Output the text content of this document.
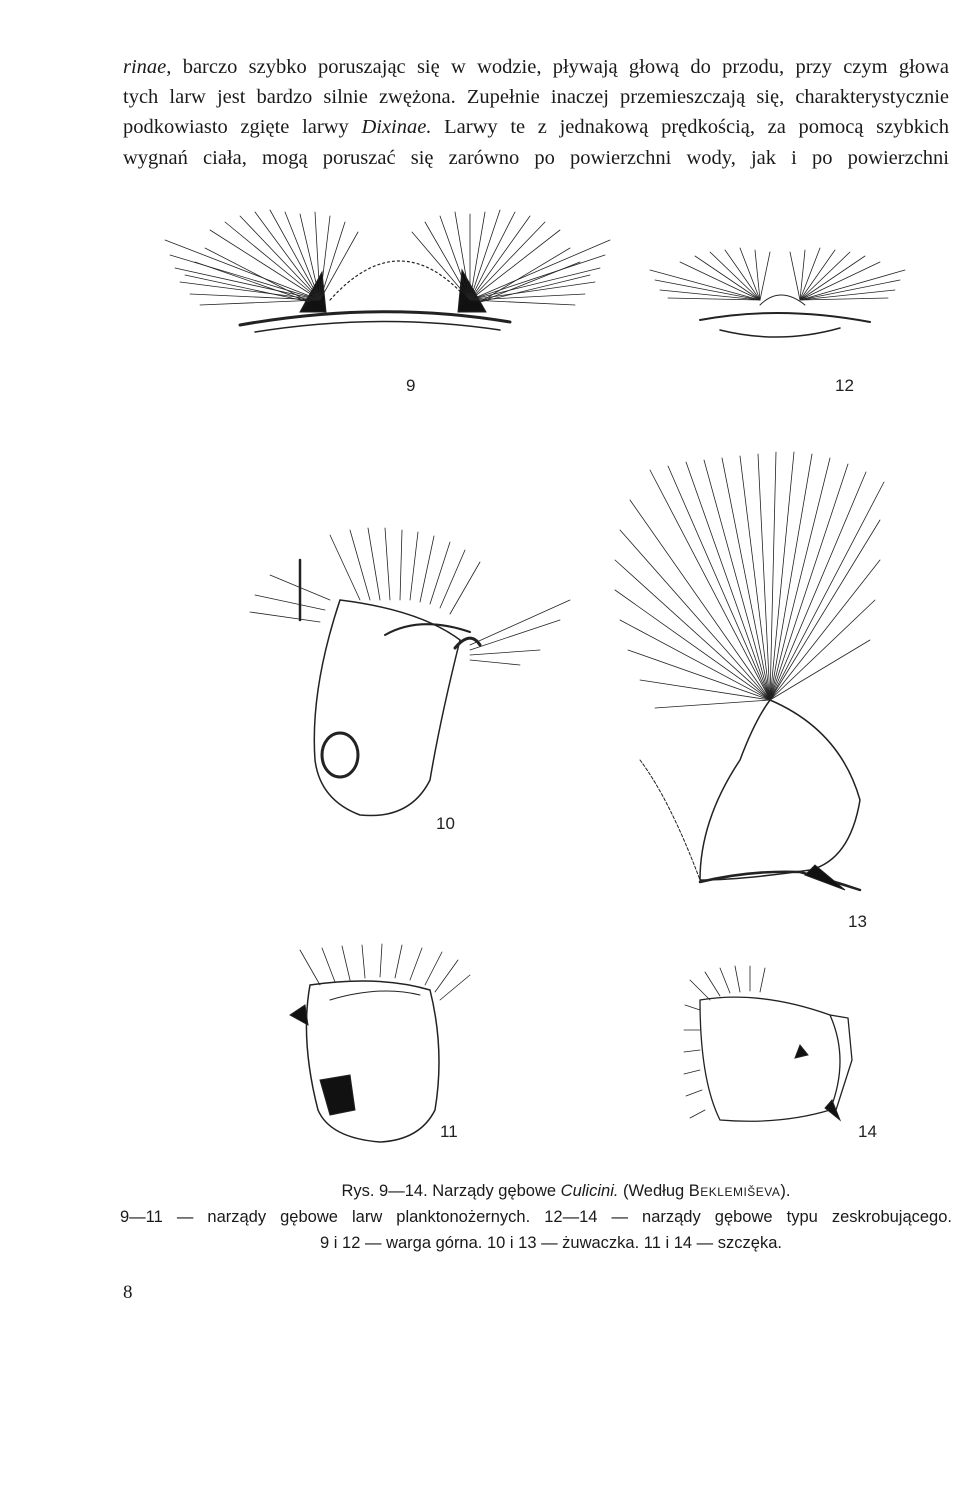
rinae, barczo szybko poruszając się w wodzie, pływają głową do przodu, przy czym głowa

tych larw jest bardzo silnie zwężona. Zupełnie inaczej przemieszczają się, charakterystycznie

podkowiasto zgięte larwy Dixinae. Larwy te z jednakową prędkością, za pomocą szybkich

wygnań ciała, mogą poruszać się zarówno po powierzchni wody, jak i po powierzchni

9	12
10
13
11	14
Rys. 9—14. Narządy gębowe Culicini. (Według Beklemiševa).
9—11 — narządy gębowe larw planktonożernych. 12—14 — narządy gębowe typu zeskrobującego.
9 i 12 — warga górna. 10 i 13 — żuwaczka. 11 i 14 — szczęka.
8
